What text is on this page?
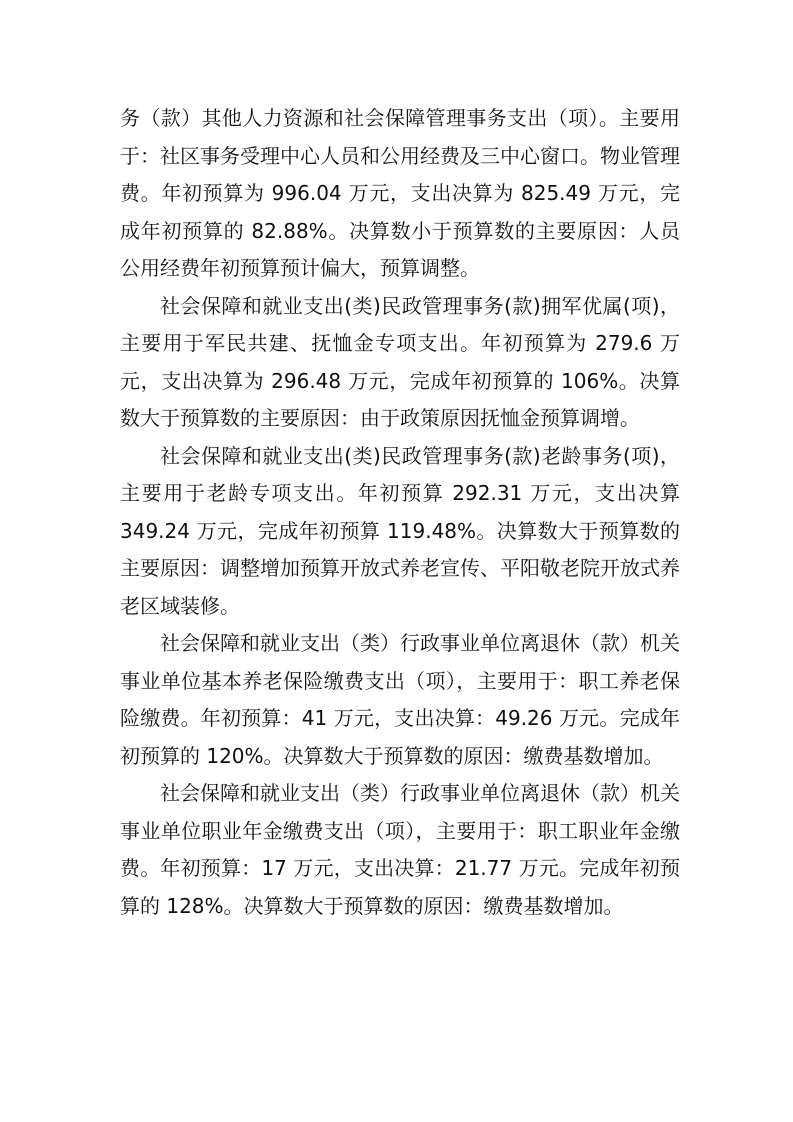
务（款）其他人力资源和社会保障管理事务支出（项）。主要用于：社区事务受理中心人员和公用经费及三中心窗口。物业管理费。年初预算为 996.04 万元，支出决算为 825.49 万元，完成年初预算的 82.88%。决算数小于预算数的主要原因：人员公用经费年初预算预计偏大，预算调整。

社会保障和就业支出(类)民政管理事务(款)拥军优属(项)，主要用于军民共建、抚恤金专项支出。年初预算为 279.6 万元，支出决算为 296.48 万元，完成年初预算的 106%。决算数大于预算数的主要原因：由于政策原因抚恤金预算调增。

社会保障和就业支出(类)民政管理事务(款)老龄事务(项)，主要用于老龄专项支出。年初预算 292.31 万元，支出决算 349.24 万元，完成年初预算 119.48%。决算数大于预算数的主要原因：调整增加预算开放式养老宣传、平阳敬老院开放式养老区域装修。

社会保障和就业支出（类）行政事业单位离退休（款）机关事业单位基本养老保险缴费支出（项），主要用于：职工养老保险缴费。年初预算：41 万元，支出决算：49.26 万元。完成年初预算的 120%。决算数大于预算数的原因：缴费基数增加。

社会保障和就业支出（类）行政事业单位离退休（款）机关事业单位职业年金缴费支出（项），主要用于：职工职业年金缴费。年初预算：17 万元，支出决算：21.77 万元。完成年初预算的 128%。决算数大于预算数的原因：缴费基数增加。
